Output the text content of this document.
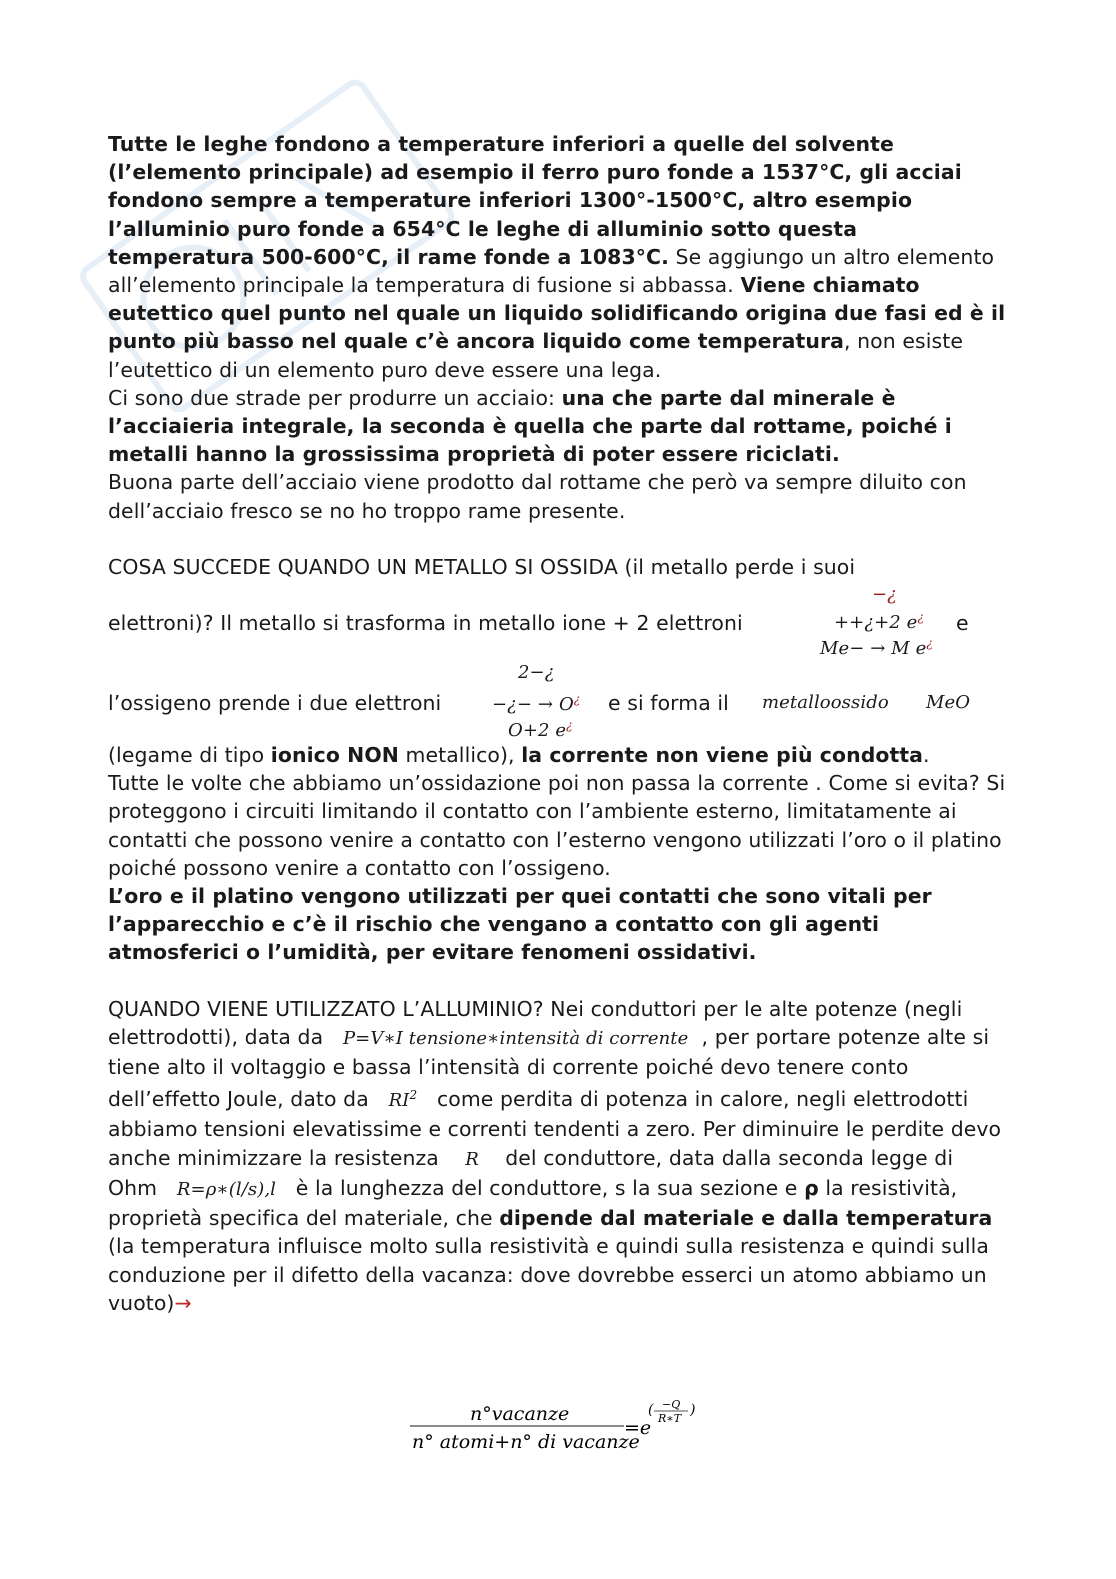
Tutte le leghe fondono a temperature inferiori a quelle del solvente (l’elemento principale) ad esempio il ferro puro fonde a 1537°C, gli acciai fondono sempre a temperature inferiori 1300°-1500°C, altro esempio l’alluminio puro fonde a 654°C le leghe di alluminio sotto questa temperatura 500-600°C, il rame fonde a 1083°C. Se aggiungo un altro elemento all’elemento principale la temperatura di fusione si abbassa. Viene chiamato eutettico quel punto nel quale un liquido solidificando origina due fasi ed è il punto più basso nel quale c’è ancora liquido come temperatura, non esiste l’eutettico di un elemento puro deve essere una lega.

Ci sono due strade per produrre un acciaio: una che parte dal minerale è l’acciaieria integrale, la seconda è quella che parte dal rottame, poiché i metalli hanno la grossissima proprietà di poter essere riciclati.

Buona parte dell’acciaio viene prodotto dal rottame che però va sempre diluito con dell’acciaio fresco se no ho troppo rame presente.

COSA SUCCEDE QUANDO UN METALLO SI OSSIDA (il metallo perde i suoi

elettroni)? Il metallo si trasforma in metallo ione + 2 elettroni
−¿
++¿+2 e¿
Me− → M e¿
e
l’ossigeno prende i due elettroni
2−¿
−¿− → O¿
O+2 e¿
e si forma il metalloossido MeO

(legame di tipo ionico NON metallico), la corrente non viene più condotta.

Tutte le volte che abbiamo un’ossidazione poi non passa la corrente . Come si evita? Si proteggono i circuiti limitando il contatto con l’ambiente esterno, limitatamente ai contatti che possono venire a contatto con l’esterno vengono utilizzati l’oro o il platino poiché possono venire a contatto con l’ossigeno.

L’oro e il platino vengono utilizzati per quei contatti che sono vitali per l’apparecchio e c’è il rischio che vengano a contatto con gli agenti atmosferici o l’umidità, per evitare fenomeni ossidativi.

QUANDO VIENE UTILIZZATO L’ALLUMINIO? Nei conduttori per le alte potenze (negli elettrodotti), data da P=V∗I tensione∗intensità di corrente , per portare potenze alte si tiene alto il voltaggio e bassa l’intensità di corrente poiché devo tenere conto dell’effetto Joule, dato da $RI^2$ come perdita di potenza in calore, negli elettrodotti abbiamo tensioni elevatissime e correnti tendenti a zero. Per diminuire le perdite devo anche minimizzare la resistenza R del conduttore, data dalla seconda legge di Ohm R=ρ∗(l/s),l è la lunghezza del conduttore, s la sua sezione e ρ la resistività, proprietà specifica del materiale, che dipende dal materiale e dalla temperatura (la temperatura influisce molto sulla resistività e quindi sulla resistenza e quindi sulla conduzione per il difetto della vacanza: dove dovrebbe esserci un atomo abbiamo un vuoto)→

n°vacanze
n° atomi+n° di vacanze
=e
( −Q
R∗T
)
